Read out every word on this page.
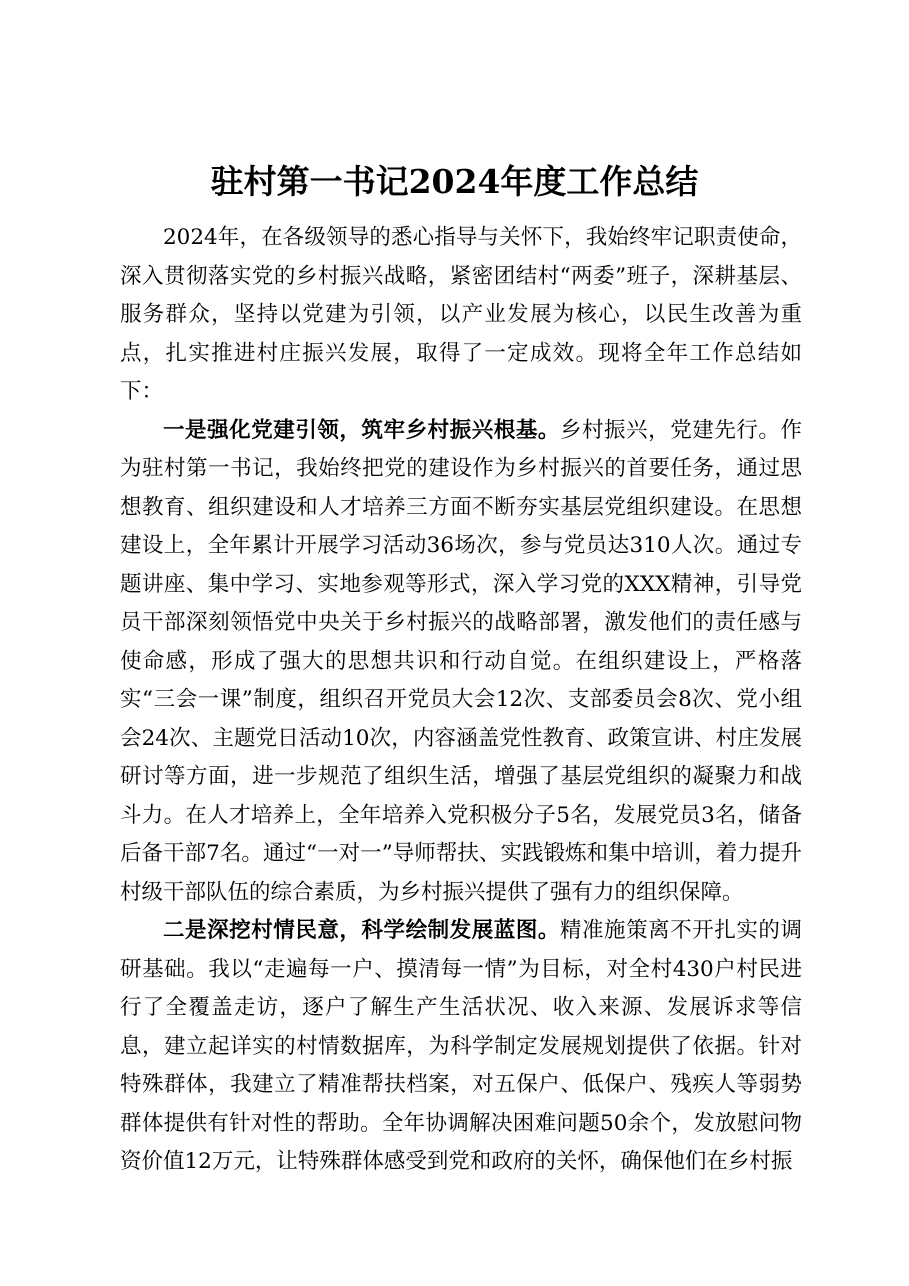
驻村第一书记2024年度工作总结

2024年，在各级领导的悉心指导与关怀下，我始终牢记职责使命，深入贯彻落实党的乡村振兴战略，紧密团结村“两委”班子，深耕基层、服务群众，坚持以党建为引领，以产业发展为核心，以民生改善为重点，扎实推进村庄振兴发展，取得了一定成效。现将全年工作总结如下：

一是强化党建引领，筑牢乡村振兴根基。乡村振兴，党建先行。作为驻村第一书记，我始终把党的建设作为乡村振兴的首要任务，通过思想教育、组织建设和人才培养三方面不断夯实基层党组织建设。在思想建设上，全年累计开展学习活动36场次，参与党员达310人次。通过专题讲座、集中学习、实地参观等形式，深入学习党的XXX精神，引导党员干部深刻领悟党中央关于乡村振兴的战略部署，激发他们的责任感与使命感，形成了强大的思想共识和行动自觉。在组织建设上，严格落实“三会一课”制度，组织召开党员大会12次、支部委员会8次、党小组会24次、主题党日活动10次，内容涵盖党性教育、政策宣讲、村庄发展研讨等方面，进一步规范了组织生活，增强了基层党组织的凝聚力和战斗力。在人才培养上，全年培养入党积极分子5名，发展党员3名，储备后备干部7名。通过“一对一”导师帮扶、实践锻炼和集中培训，着力提升村级干部队伍的综合素质，为乡村振兴提供了强有力的组织保障。

二是深挖村情民意，科学绘制发展蓝图。精准施策离不开扎实的调研基础。我以“走遍每一户、摸清每一情”为目标，对全村430户村民进行了全覆盖走访，逐户了解生产生活状况、收入来源、发展诉求等信息，建立起详实的村情数据库，为科学制定发展规划提供了依据。针对特殊群体，我建立了精准帮扶档案，对五保户、低保户、残疾人等弱势群体提供有针对性的帮助。全年协调解决困难问题50余个，发放慰问物资价值12万元，让特殊群体感受到党和政府的关怀，确保他们在乡村振
